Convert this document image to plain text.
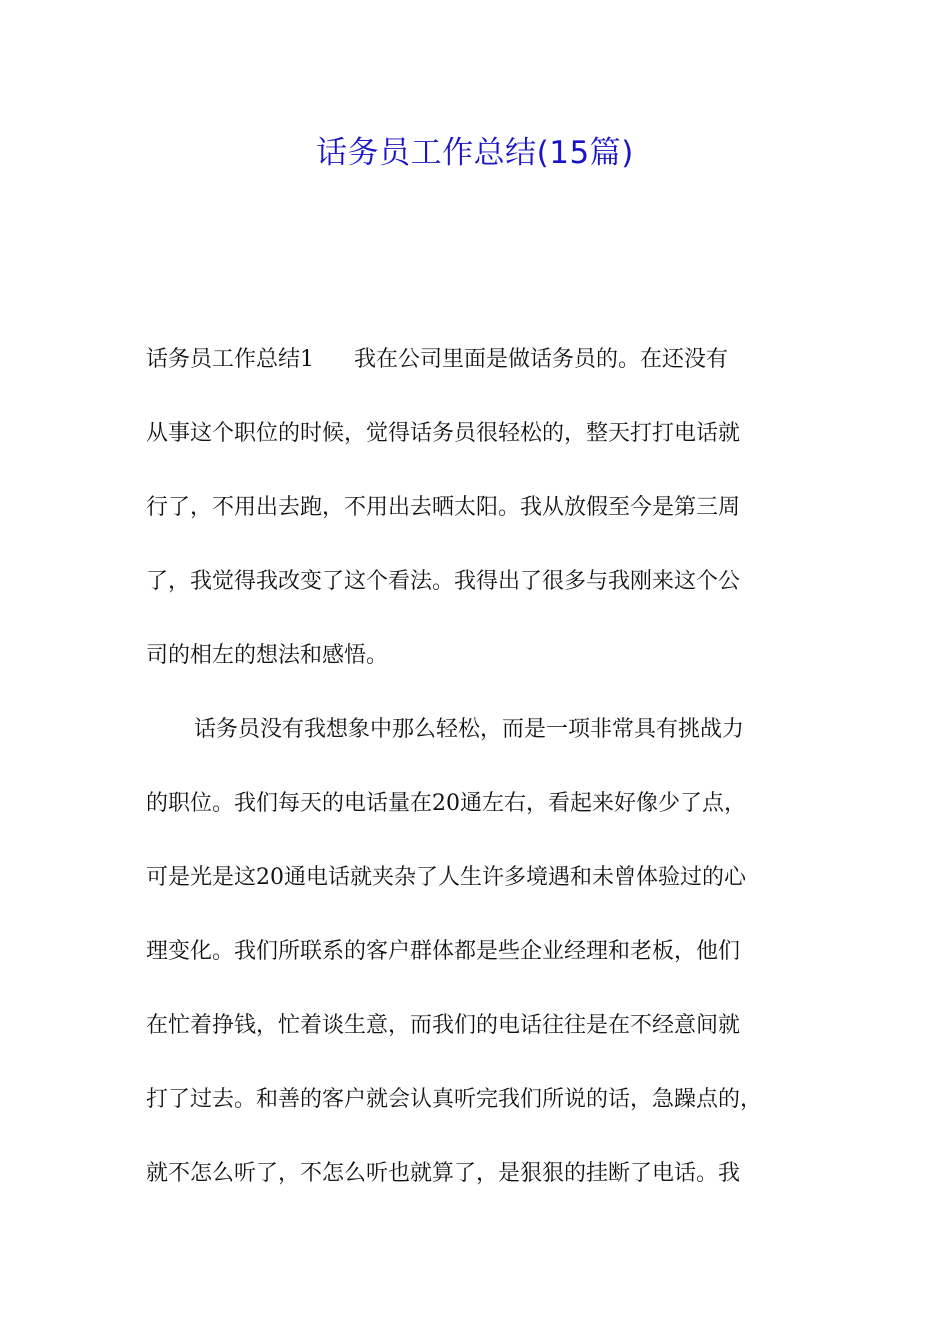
话务员工作总结(15篇)
话务员工作总结1 我在公司里面是做话务员的。在还没有
从事这个职位的时候，觉得话务员很轻松的，整天打打电话就
行了，不用出去跑，不用出去晒太阳。我从放假至今是第三周
了，我觉得我改变了这个看法。我得出了很多与我刚来这个公
司的相左的想法和感悟。
话务员没有我想象中那么轻松，而是一项非常具有挑战力
的职位。我们每天的电话量在20通左右，看起来好像少了点，
可是光是这20通电话就夹杂了人生许多境遇和未曾体验过的心
理变化。我们所联系的客户群体都是些企业经理和老板，他们
在忙着挣钱，忙着谈生意，而我们的电话往往是在不经意间就
打了过去。和善的客户就会认真听完我们所说的话，急躁点的，
就不怎么听了，不怎么听也就算了，是狠狠的挂断了电话。我
